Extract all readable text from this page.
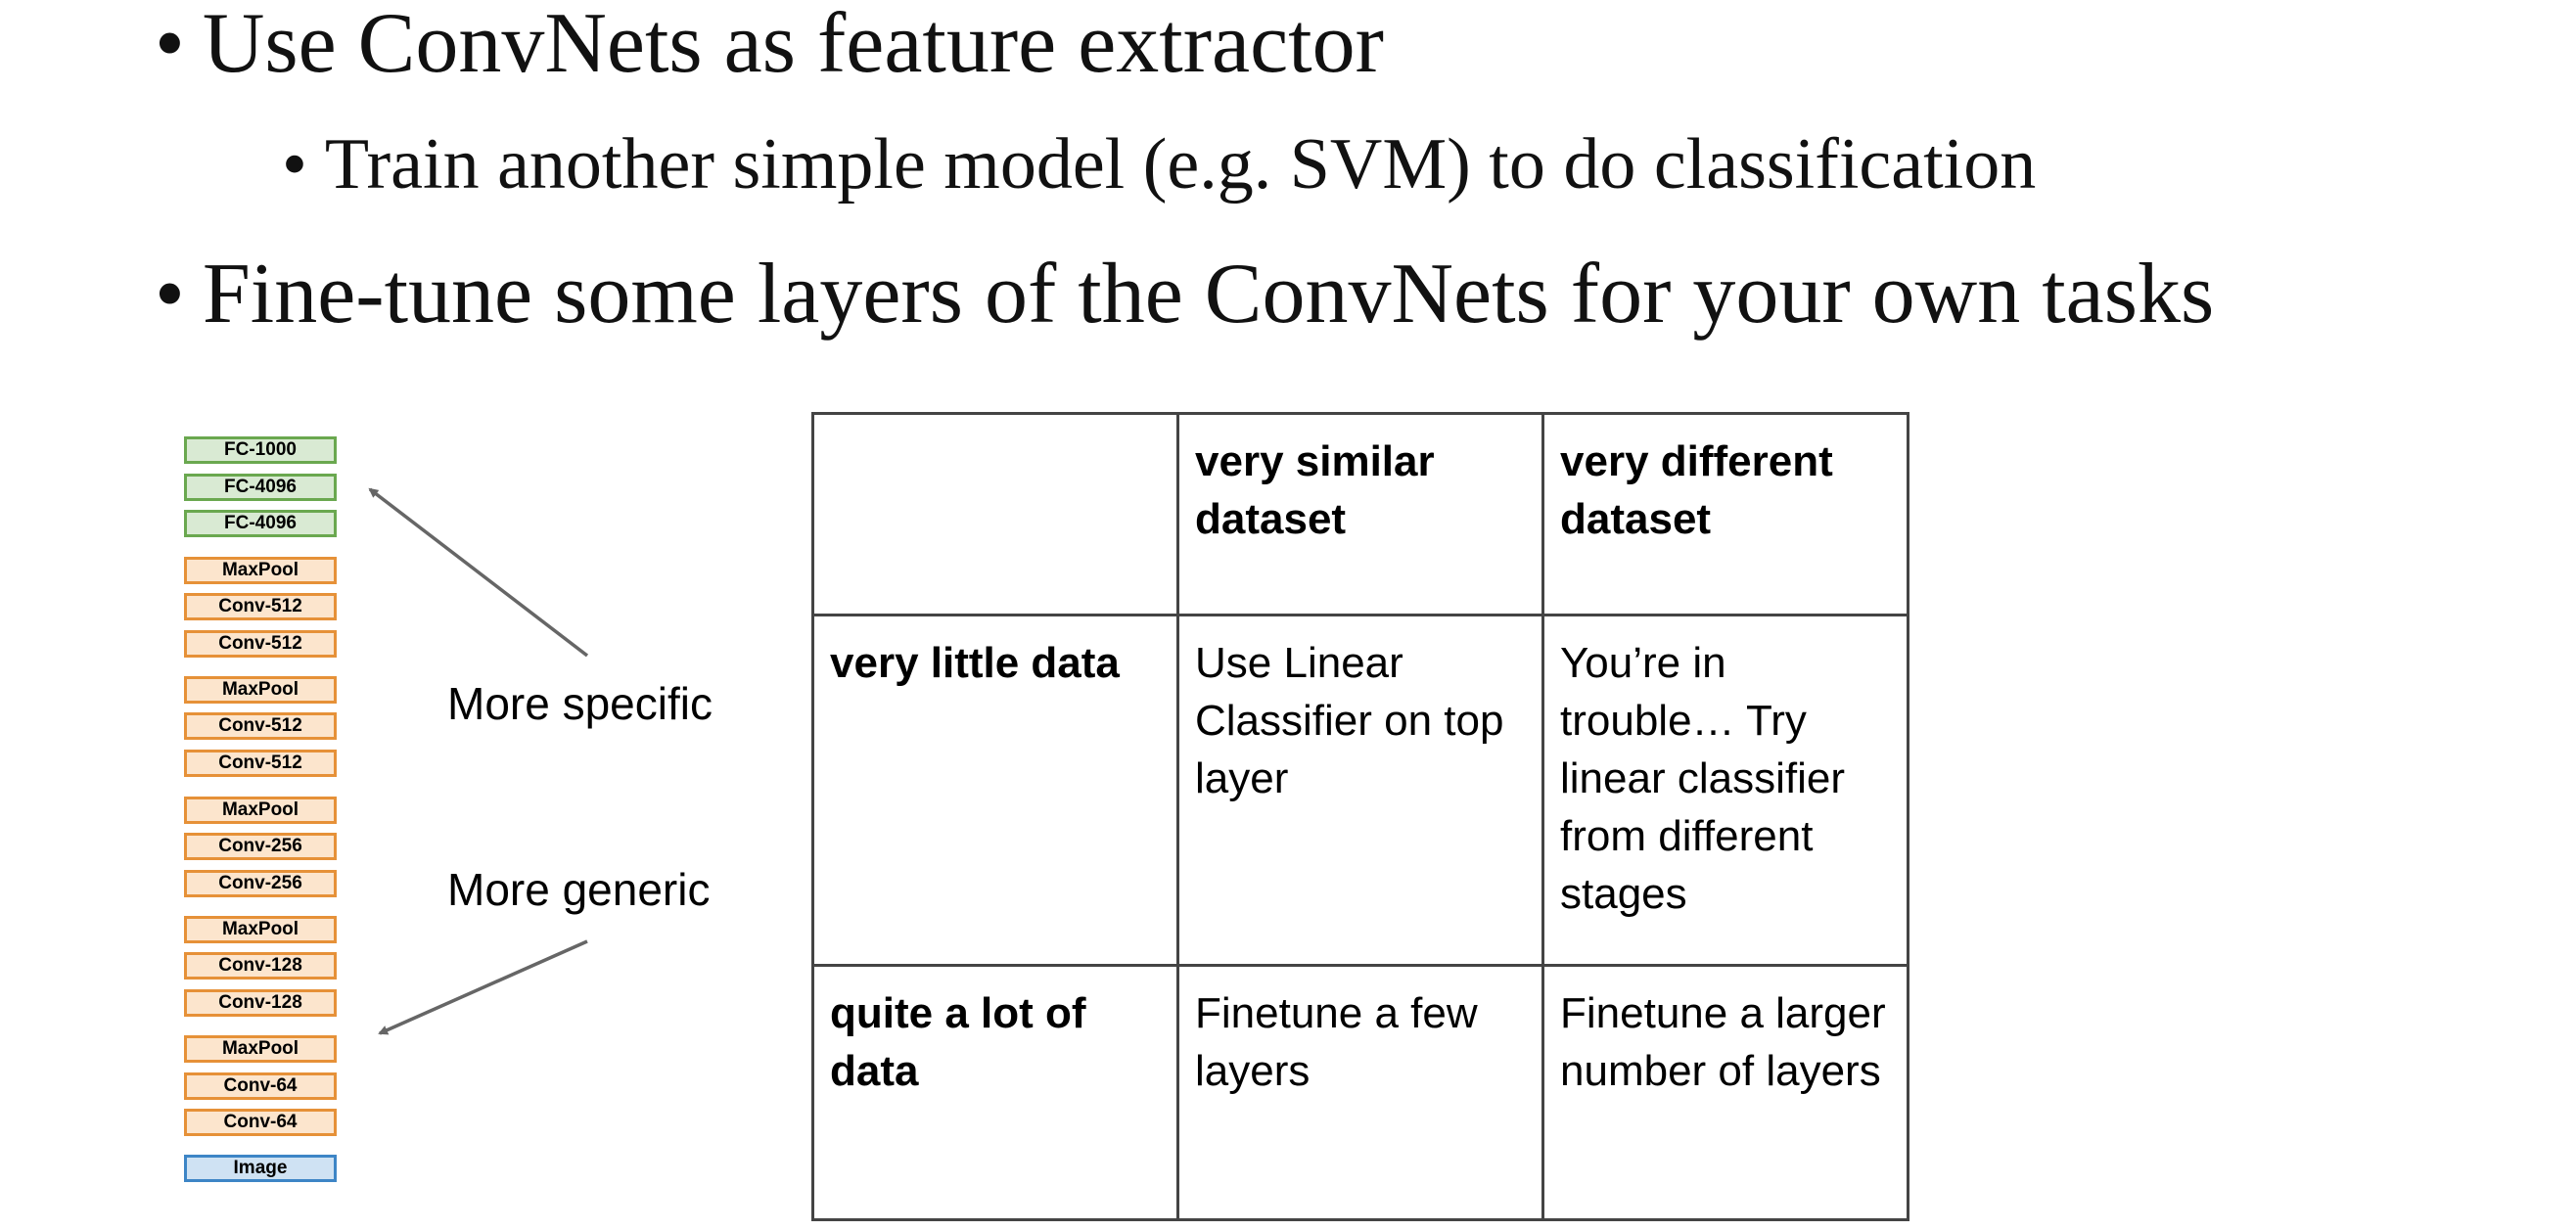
• Use ConvNets as feature extractor
• Train another simple model (e.g. SVM) to do classification
• Fine-tune some layers of the ConvNets for your own tasks
FC-1000
FC-4096
FC-4096
MaxPool
Conv-512
Conv-512
MaxPool
Conv-512
Conv-512
MaxPool
Conv-256
Conv-256
MaxPool
Conv-128
Conv-128
MaxPool
Conv-64
Conv-64
Image
More specific
More generic
	very similar dataset	very different dataset
very little data	Use Linear Classifier on top layer	You’re in trouble… Try linear classifier from different stages
quite a lot of data	Finetune a few layers	Finetune a larger number of layers
